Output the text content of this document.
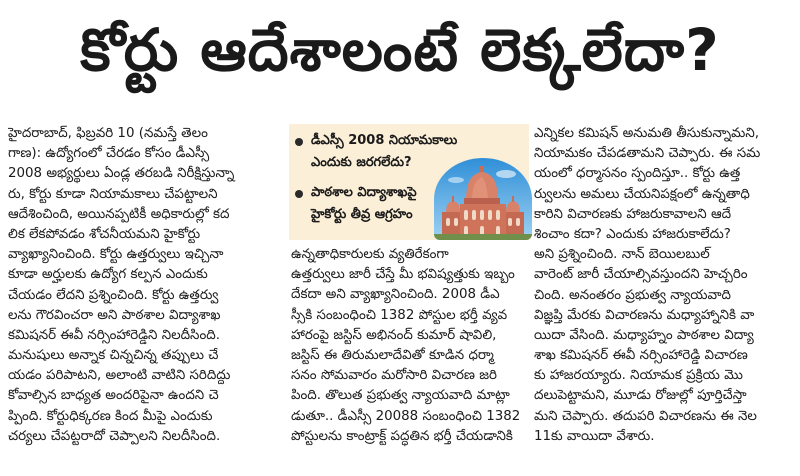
కోర్టు ఆదేశాలంటే లెక్కలేదా?
హైదరాబాద్, ఫిబ్రవరి 10 (నమస్తే తెలం
గాణ): ఉద్యోగంలో చేరడం కోసం డీఎస్సీ
2008 అభ్యర్థులు ఏండ్ల తరబడి నిరీక్షిస్తున్నా
రు, కోర్టు కూడా నియామకాలు చేపట్టాలని
ఆదేశించింది, అయినప్పటికీ అధికారుల్లో కద
లిక లేకపోవడం శోచనీయమని హైకోర్టు
వ్యాఖ్యానించింది. కోర్టు ఉత్తర్వులు ఇచ్చినా
కూడా అర్హులకు ఉద్యోగ కల్పన ఎందుకు
చేయడం లేదని ప్రశ్నించింది. కోర్టు ఉత్తర్వు
లను గౌరవించరా అని పాఠశాల విద్యాశాఖ
కమిషనర్ ఈవీ నర్సింహారెడ్డిని నిలదీసింది.
మనుషులు అన్నాక చిన్నచిన్న తప్పులు చే
యడం పరిపాటని, అలాంటి వాటిని సరిదిద్దు
కోవాల్సిన బాధ్యత అందరిపైనా ఉందని చె
ప్పింది. కోర్టుధిక్కరణ కింద మీపై ఎందుకు
చర్యలు చేపట్టరాదో చెప్పాలని నిలదీసింది.
డీఎస్సీ 2008 నియామకాలు
ఎందుకు జరగలేదు?
పాఠశాల విద్యాశాఖపై
హైకోర్టు తీవ్ర ఆగ్రహం
ఉన్నతాధికారులకు వ్యతిరేకంగా
ఉత్తర్వులు జారీ చేస్తే మీ భవిష్యత్తుకు ఇబ్బం
దేకదా అని వ్యాఖ్యానించింది. 2008 డీఎ
స్సీకి సంబంధించి 1382 పోస్టుల భర్తీ వ్యవ
హారంపై జస్టిస్ అభినంద్ కుమార్ షావిలి,
జస్టిస్ ఈ తిరుమలాదేవితో కూడిన ధర్మా
సనం సోమవారం మరోసారి విచారణ జరి
పింది. తొలుత ప్రభుత్వ న్యాయవాది మాట్లా
డుతూ.. డీఎస్సీ 20088 సంబంధించి 1382
పోస్టులను కాంట్రాక్ట్ పద్ధతిన భర్తీ చేయడానికి
ఎన్నికల కమిషన్ అనుమతి తీసుకున్నామని,
నియామకం చేపడతామని చెప్పారు. ఈ సమ
యంలో ధర్మాసనం స్పందిస్తూ.. కోర్టు ఉత్త
ర్వులను అమలు చేయనిపక్షంలో ఉన్నతాధి
కారిని విచారణకు హాజరుకావాలని ఆదే
శించాం కదా? ఎందుకు హాజరుకాలేదు?
అని ప్రశ్నించింది. నాన్ బెయిలబుల్
వారెంట్ జారీ చేయాల్సివస్తుందని హెచ్చరిం
చింది. అనంతరం ప్రభుత్వ న్యాయవాది
విజ్ఞప్తి మేరకు విచారణను మధ్యాహ్నానికి వా
యిదా వేసింది. మధ్యాహ్నం పాఠశాల విద్యా
శాఖ కమిషనర్ ఈవీ నర్సింహారెడ్డి విచారణ
కు హాజరయ్యారు. నియామక ప్రక్రియ మొ
దలుపెట్టామని, మూడు రోజుల్లో పూర్తిచేస్తా
మని చెప్పారు. తదుపరి విచారణను ఈ నెల
11కు వాయిదా వేశారు.
